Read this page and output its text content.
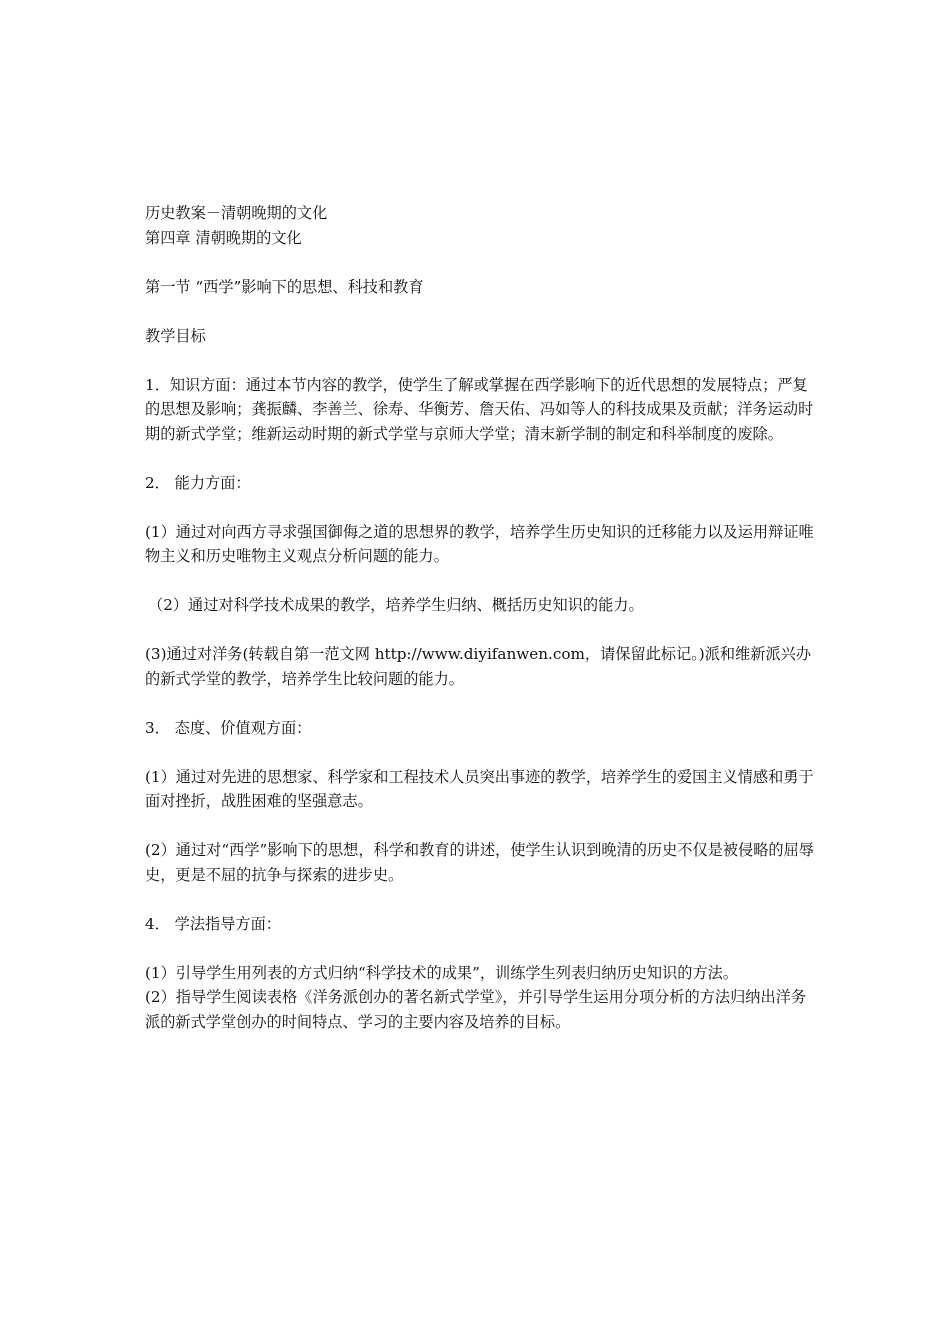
历史教案－清朝晚期的文化

第四章 清朝晚期的文化

第一节 “西学”影响下的思想、科技和教育

教学目标

1．知识方面：通过本节内容的教学，使学生了解或掌握在西学影响下的近代思想的发展特点；严复的思想及影响；龚振麟、李善兰、徐寿、华衡芳、詹天佑、冯如等人的科技成果及贡献；洋务运动时期的新式学堂；维新运动时期的新式学堂与京师大学堂；清末新学制的制定和科举制度的废除。

2． 能力方面：

(1）通过对向西方寻求强国御侮之道的思想界的教学，培养学生历史知识的迁移能力以及运用辩证唯物主义和历史唯物主义观点分析问题的能力。

（2）通过对科学技术成果的教学，培养学生归纳、概括历史知识的能力。

(3)通过对洋务(转载自第一范文网 http://www.diyifanwen.com，请保留此标记。)派和维新派兴办的新式学堂的教学，培养学生比较问题的能力。

3． 态度、价值观方面：

(1）通过对先进的思想家、科学家和工程技术人员突出事迹的教学，培养学生的爱国主义情感和勇于面对挫折，战胜困难的坚强意志。

(2）通过对“西学”影响下的思想，科学和教育的讲述，使学生认识到晚清的历史不仅是被侵略的屈辱史，更是不屈的抗争与探索的进步史。

4． 学法指导方面：

(1）引导学生用列表的方式归纳“科学技术的成果”，训练学生列表归纳历史知识的方法。

(2）指导学生阅读表格《洋务派创办的著名新式学堂》，并引导学生运用分项分析的方法归纳出洋务派的新式学堂创办的时间特点、学习的主要内容及培养的目标。
